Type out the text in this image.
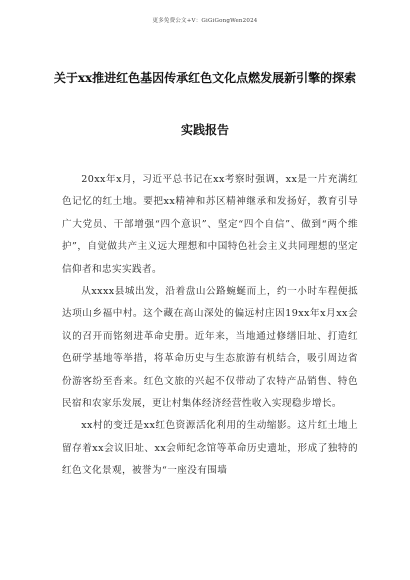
更多免费公文+V：GiGiGongWen2024
关于xx推进红色基因传承红色文化点燃发展新引擎的探索
实践报告

20xx年x月，习近平总书记在xx考察时强调，xx是一片充满红色记忆的红土地。要把xx精神和苏区精神继承和发扬好，教育引导广大党员、干部增强“四个意识”、坚定“四个自信”、做到“两个维护”，自觉做共产主义远大理想和中国特色社会主义共同理想的坚定信仰者和忠实实践者。

从xxxx县城出发，沿着盘山公路蜿蜒而上，约一小时车程便抵达项山乡福中村。这个藏在高山深处的偏远村庄因19xx年x月xx会议的召开而铭刻进革命史册。近年来，当地通过修缮旧址、打造红色研学基地等举措，将革命历史与生态旅游有机结合，吸引周边省份游客纷至沓来。红色文旅的兴起不仅带动了农特产品销售、特色民宿和农家乐发展，更让村集体经济经营性收入实现稳步增长。

xx村的变迁是xx红色资源活化利用的生动缩影。这片红土地上留存着xx会议旧址、xx会师纪念馆等革命历史遗址，形成了独特的红色文化景观，被誉为“一座没有围墙
